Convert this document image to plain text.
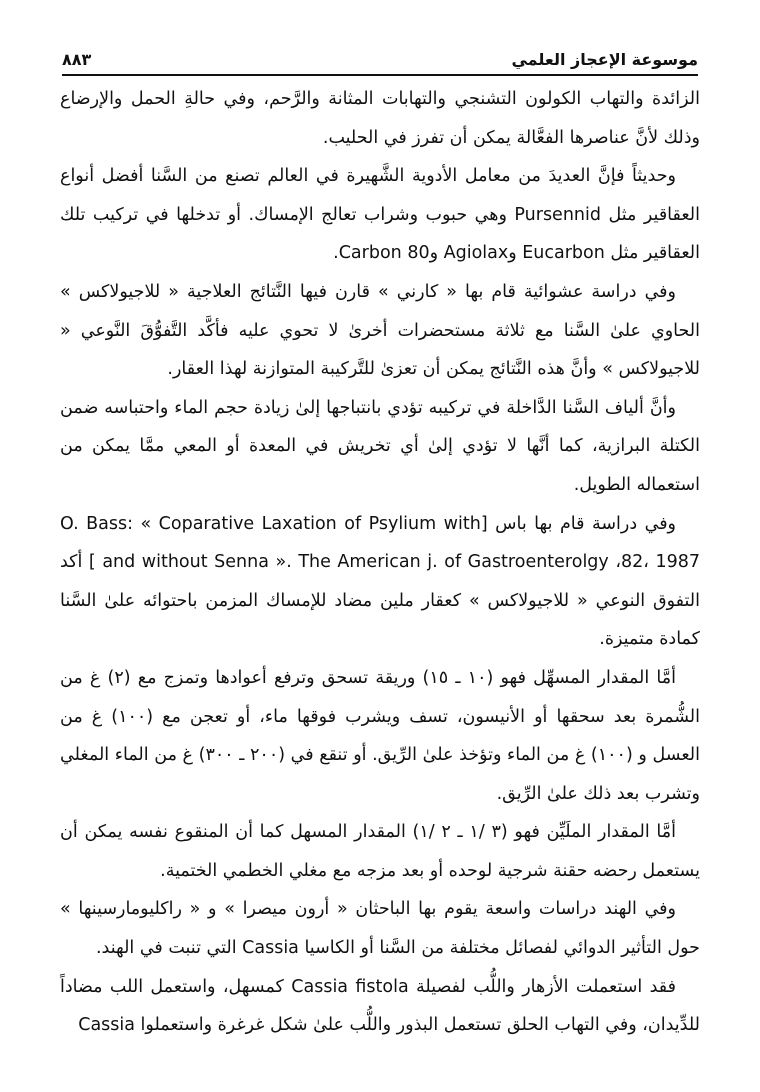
موسوعة الإعجاز العلمي
٨٨٣

الزائدة والتهاب الكولون التشنجي والتهابات المثانة والرَّحم، وفي حالةِ الحمل والإرضاع وذلك لأنَّ عناصرها الفعَّالة يمكن أن تفرز في الحليب.

وحديثاً فإنَّ العديدَ من معامل الأدوية الشَّهيرة في العالم تصنع من السَّنا أفضل أنواع العقاقير مثل Pursennid وهي حبوب وشراب تعالج الإمساك. أو تدخلها في تركيب تلك العقاقير مثل Eucarbon وAgiolax و80 Carbon.

وفي دراسة عشوائية قام بها « كارني » قارن فيها النَّتائج العلاجية « للاجيولاكس » الحاوي علىٰ السَّنا مع ثلاثة مستحضرات أخرىٰ لا تحوي عليه فأكَّد التَّفوُّقَ النَّوعي « للاجيولاكس » وأنَّ هذه النَّتائج يمكن أن تعزىٰ للتَّركيبة المتوازنة لهذا العقار.

وأنَّ ألياف السَّنا الدَّاخلة في تركيبه تؤدي بانتباجها إلىٰ زيادة حجم الماء واحتباسه ضمن الكتلة البرازية، كما أنَّها لا تؤدي إلىٰ أي تخريش في المعدة أو المعي ممَّا يمكن من استعماله الطويل.

وفي دراسة قام بها باس [O. Bass: « Coparative Laxation of Psylium with and without Senna ». The American j. of Gastroenterolgy ،82، 1987 ] أكد التفوق النوعي « للاجيولاكس » كعقار ملين مضاد للإمساك المزمن باحتوائه علىٰ السَّنا كمادة متميزة.

أمَّا المقدار المسهِّل فهو (١٠ ـ ١٥) وريقة تسحق وترفع أعوادها وتمزج مع (٢) غ من الشُّمرة بعد سحقها أو الأنيسون، تسف ويشرب فوقها ماء، أو تعجن مع (١٠٠) غ من العسل و (١٠٠) غ من الماء وتؤخذ علىٰ الرِّيق. أو تنقع في (٢٠٠ ـ ٣٠٠) غ من الماء المغلي وتشرب بعد ذلك علىٰ الرِّيق.

أمَّا المقدار الملَيِّن فهو (٣ /١ ـ ٢ /١) المقدار المسهل كما أن المنقوع نفسه يمكن أن يستعمل رحضه حقنة شرجية لوحده أو بعد مزجه مع مغلي الخطمي الختمية.

وفي الهند دراسات واسعة يقوم بها الباحثان « أرون ميصرا » و « راكليومارسينها » حول التأثير الدوائي لفصائل مختلفة من السَّنا أو الكاسيا Cassia التي تنبت في الهند.

فقد استعملت الأزهار واللُّب لفصيلة Cassia fistola كمسهل، واستعمل اللب مضاداً للدِّيدان، وفي التهاب الحلق تستعمل البذور واللُّب علىٰ شكل غرغرة واستعملوا Cassia
